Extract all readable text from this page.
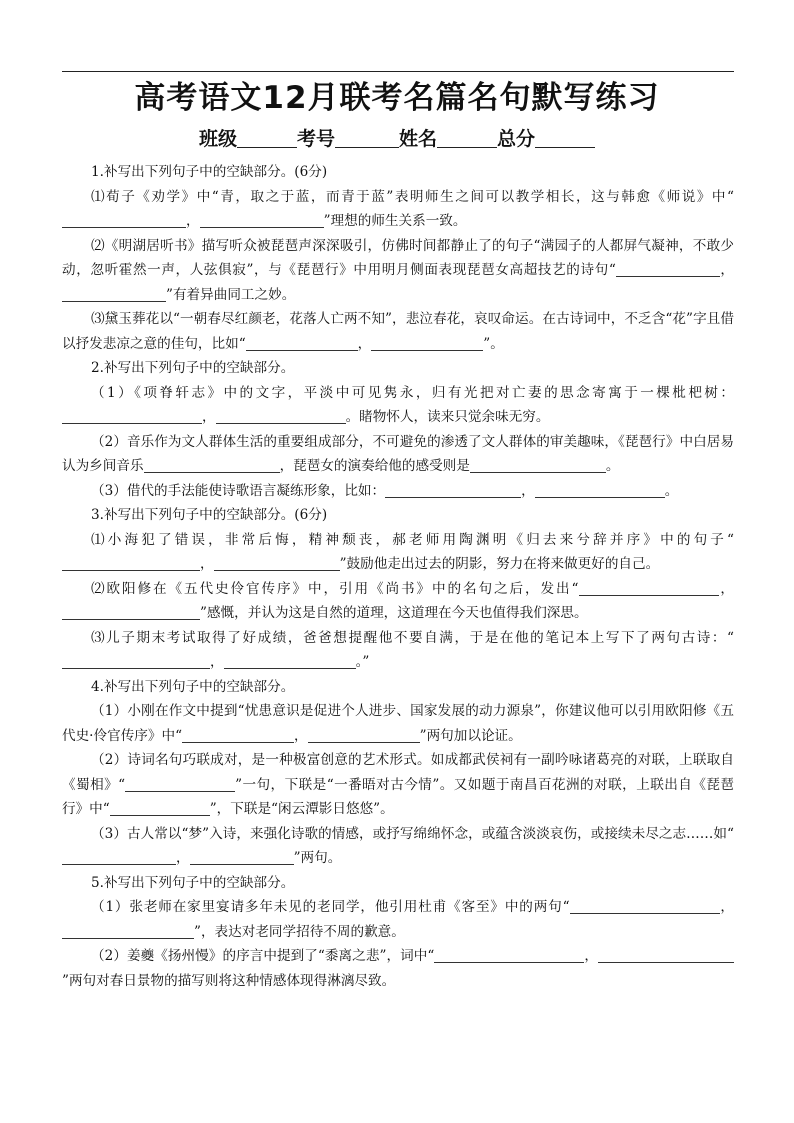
高考语文12月联考名篇名句默写练习
班级	考号	姓名	总分

1.补写出下列句子中的空缺部分。(6分)

⑴荀子《劝学》中“青，取之于蓝，而青于蓝”表明师生之间可以教学相长，这与韩愈《师说》中“，	”理想的师生关系一致。

⑵《明湖居听书》描写听众被琵琶声深深吸引，仿佛时间都静止了的句子“满园子的人都屏气凝神，不敢少动，忽听霍然一声，人弦俱寂”，与《琵琶行》中用明月侧面表现琵琶女高超技艺的诗句“	，”有着异曲同工之妙。

⑶黛玉葬花以“一朝春尽红颜老，花落人亡两不知”，悲泣春花，哀叹命运。在古诗词中，不乏含“花”字且借以抒发悲凉之意的佳句，比如“	，	”。

2.补写出下列句子中的空缺部分。

（1）《项脊轩志》中的文字，平淡中可见隽永，归有光把对亡妻的思念寄寓于一棵枇杷树：，	。睹物怀人，读来只觉余味无穷。

（2）音乐作为文人群体生活的重要组成部分，不可避免的渗透了文人群体的审美趣味，《琵琶行》中白居易认为乡间音乐	，琵琶女的演奏给他的感受则是	。

（3）借代的手法能使诗歌语言凝练形象，比如：	，	。

3.补写出下列句子中的空缺部分。(6分)

⑴小海犯了错误，非常后悔，精神颓丧，郝老师用陶渊明《归去来兮辞并序》中的句子“，	”鼓励他走出过去的阴影，努力在将来做更好的自己。

⑵欧阳修在《五代史伶官传序》中，引用《尚书》中的名句之后，发出“	，”感慨，并认为这是自然的道理，这道理在今天也值得我们深思。

⑶儿子期末考试取得了好成绩，爸爸想提醒他不要自满，于是在他的笔记本上写下了两句古诗：“，	。”

4.补写出下列句子中的空缺部分。

（1）小刚在作文中提到“忧患意识是促进个人进步、国家发展的动力源泉”，你建议他可以引用欧阳修《五代史·伶官传序》中“	，	”两句加以论证。

（2）诗词名句巧联成对，是一种极富创意的艺术形式。如成都武侯祠有一副吟咏诸葛亮的对联，上联取自《蜀相》“	”一句，下联是“一番晤对古今情”。又如题于南昌百花洲的对联，上联出自《琵琶行》中“	”，下联是“闲云潭影日悠悠”。

（3）古人常以“梦”入诗，来强化诗歌的情感，或抒写绵绵怀念，或蕴含淡淡哀伤，或接续未尽之志……如“，	”两句。

5.补写出下列句子中的空缺部分。

（1）张老师在家里宴请多年未见的老同学，他引用杜甫《客至》中的两句“	，”，表达对老同学招待不周的歉意。

（2）姜夔《扬州慢》的序言中提到了“黍离之悲”，词中“	，”两句对春日景物的描写则将这种情感体现得淋漓尽致。
